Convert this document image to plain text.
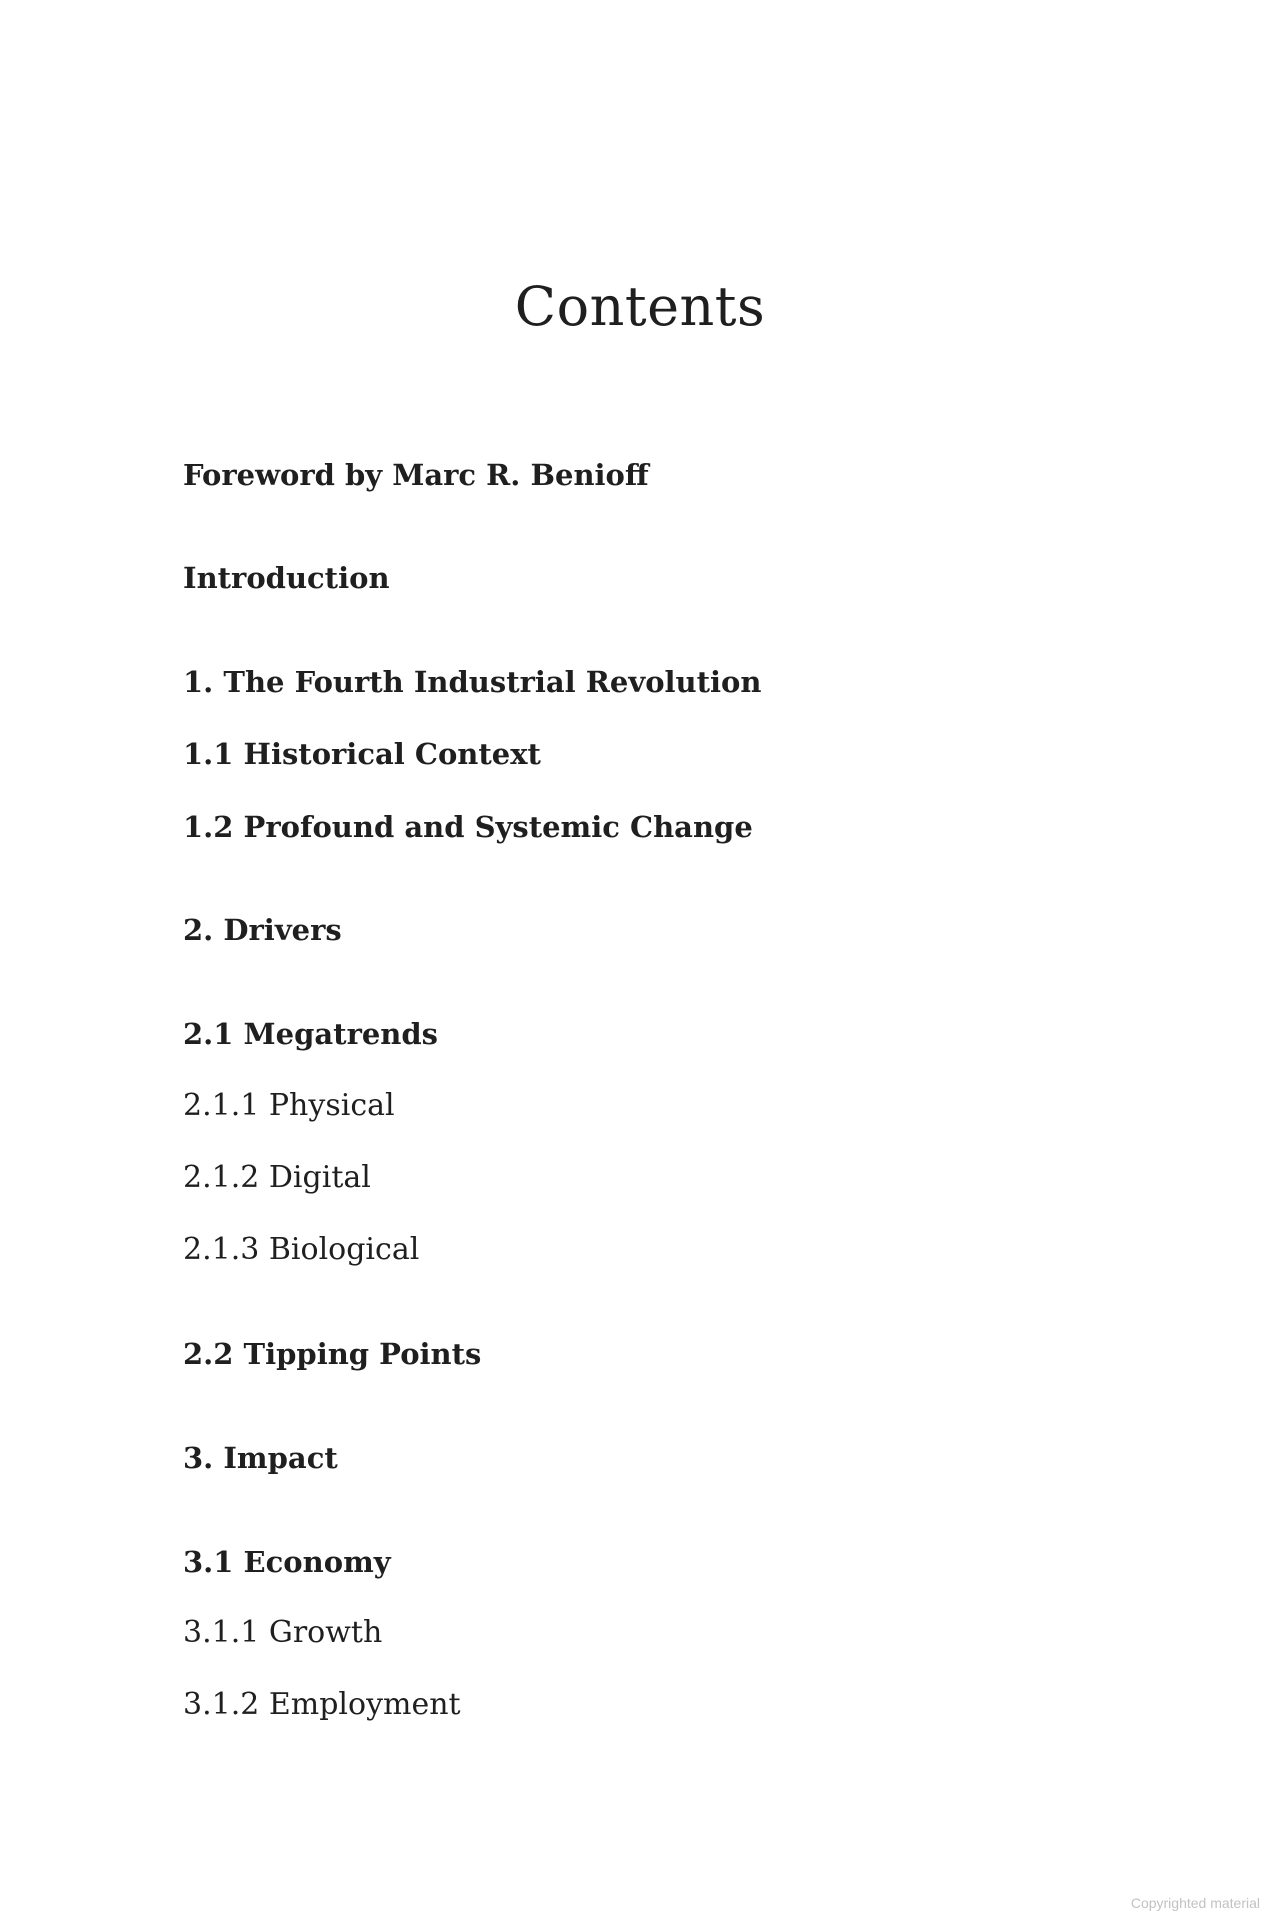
Contents
Foreword by Marc R. Benioff
Introduction
1. The Fourth Industrial Revolution
1.1 Historical Context
1.2 Profound and Systemic Change
2. Drivers
2.1 Megatrends
2.1.1 Physical
2.1.2 Digital
2.1.3 Biological
2.2 Tipping Points
3. Impact
3.1 Economy
3.1.1 Growth
3.1.2 Employment
Copyrighted material
